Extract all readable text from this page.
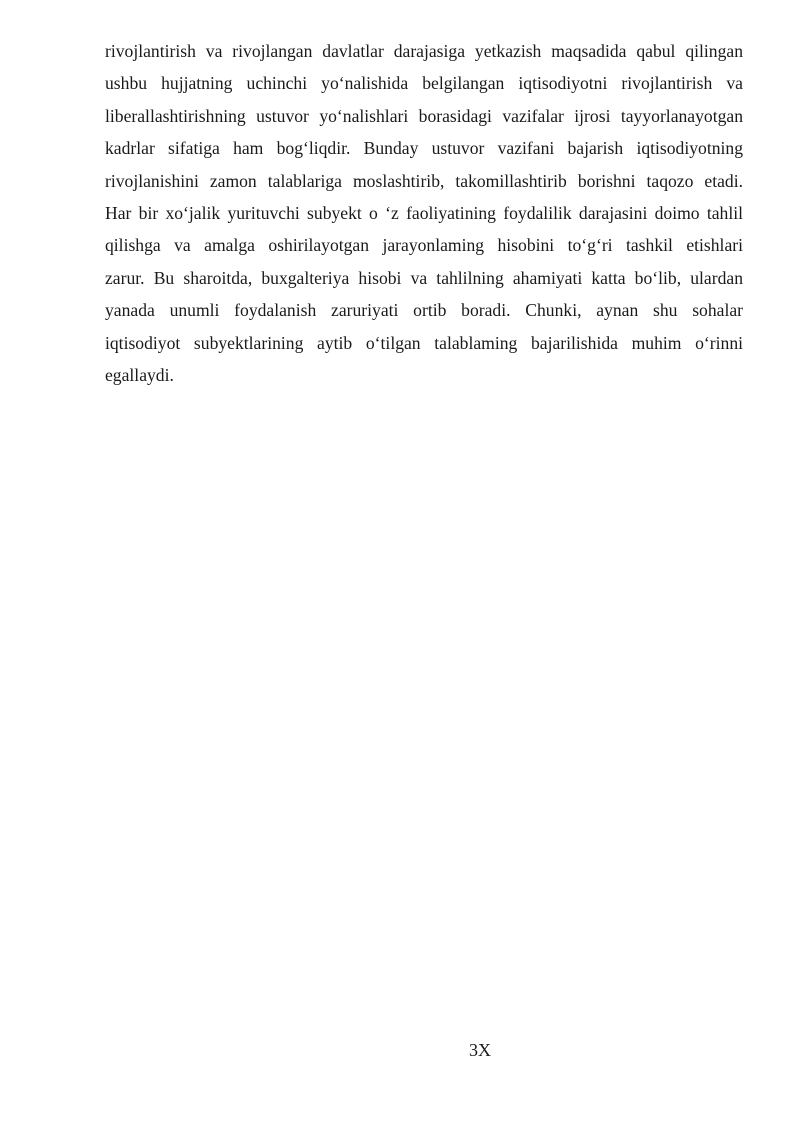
rivojlantirish va rivojlangan davlatlar darajasiga yetkazish maqsadida qabul qilingan
ushbu hujjatning uchinchi yo‘nalishida belgilangan iqtisodiyotni rivojlantirish va
liberallashtirishning ustuvor yo‘nalishlari borasidagi vazifalar ijrosi tayyorlanayotgan
kadrlar sifatiga ham bog‘liqdir. Bunday ustuvor vazifani bajarish iqtisodiyotning
rivojlanishini zamon talablariga moslashtirib, takomillashtirib borishni taqozo etadi.
Har bir xo‘jalik yurituvchi subyekt o ‘z faoliyatining foydalilik darajasini doimo tahlil
qilishga va amalga oshirilayotgan jarayonlaming hisobini to‘g‘ri tashkil etishlari
zarur. Bu sharoitda, buxgalteriya hisobi va tahlilning ahamiyati katta bo‘lib, ulardan
yanada unumli foydalanish zaruriyati ortib boradi. Chunki, aynan shu sohalar
iqtisodiyot subyektlarining aytib o‘tilgan talablaming bajarilishida muhim o‘rinni
egallaydi.

3X
